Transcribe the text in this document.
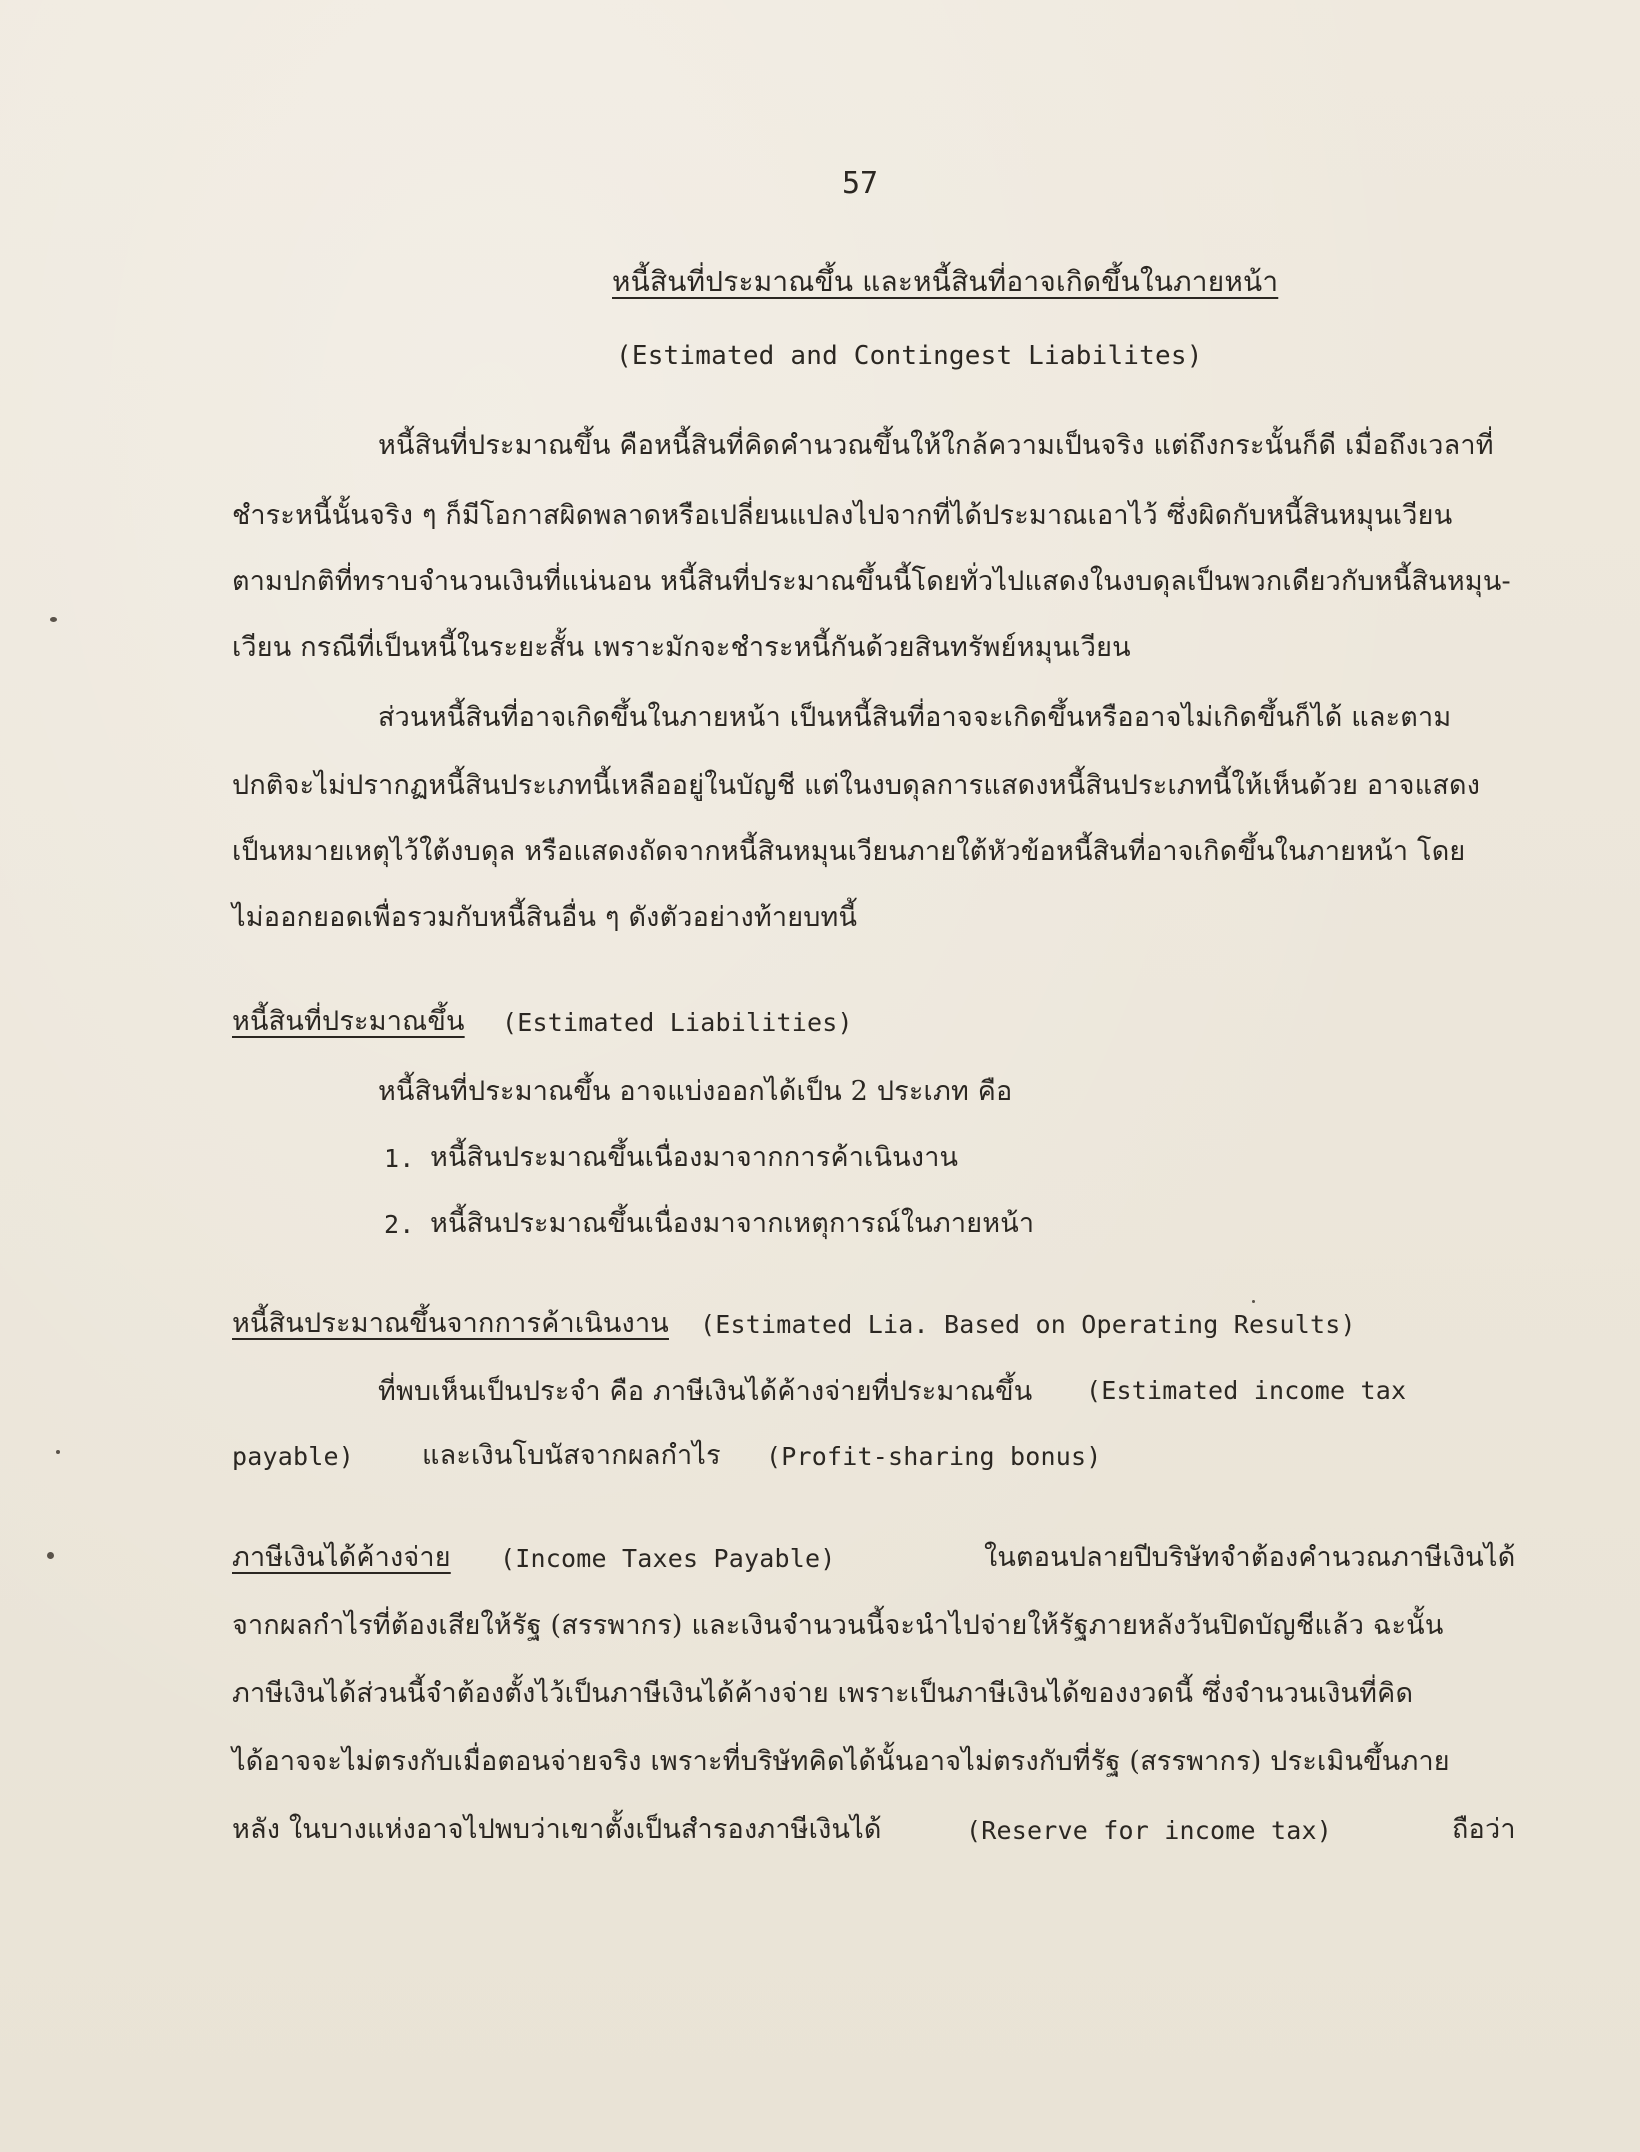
57
หนี้สินที่ประมาณขึ้น และหนี้สินที่อาจเกิดขึ้นในภายหน้า
(Estimated and Contingest Liabilites)
หนี้สินที่ประมาณขึ้น คือหนี้สินที่คิดคำนวณขึ้นให้ใกล้ความเป็นจริง แต่ถึงกระนั้นก็ดี เมื่อถึงเวลาที่
ชำระหนี้นั้นจริง ๆ ก็มีโอกาสผิดพลาดหรือเปลี่ยนแปลงไปจากที่ได้ประมาณเอาไว้ ซึ่งผิดกับหนี้สินหมุนเวียน
ตามปกติที่ทราบจำนวนเงินที่แน่นอน หนี้สินที่ประมาณขึ้นนี้โดยทั่วไปแสดงในงบดุลเป็นพวกเดียวกับหนี้สินหมุน-
เวียน กรณีที่เป็นหนี้ในระยะสั้น เพราะมักจะชำระหนี้กันด้วยสินทรัพย์หมุนเวียน
ส่วนหนี้สินที่อาจเกิดขึ้นในภายหน้า เป็นหนี้สินที่อาจจะเกิดขึ้นหรืออาจไม่เกิดขึ้นก็ได้ และตาม
ปกติจะไม่ปรากฏหนี้สินประเภทนี้เหลืออยู่ในบัญชี แต่ในงบดุลการแสดงหนี้สินประเภทนี้ให้เห็นด้วย อาจแสดง
เป็นหมายเหตุไว้ใต้งบดุล หรือแสดงถัดจากหนี้สินหมุนเวียนภายใต้หัวข้อหนี้สินที่อาจเกิดขึ้นในภายหน้า โดย
ไม่ออกยอดเพื่อรวมกับหนี้สินอื่น ๆ ดังตัวอย่างท้ายบทนี้
หนี้สินที่ประมาณขึ้น (Estimated Liabilities)
หนี้สินที่ประมาณขึ้น อาจแบ่งออกได้เป็น 2 ประเภท คือ
1. หนี้สินประมาณขึ้นเนื่องมาจากการค้าเนินงาน
2. หนี้สินประมาณขึ้นเนื่องมาจากเหตุการณ์ในภายหน้า
หนี้สินประมาณขึ้นจากการค้าเนินงาน (Estimated Lia. Based on Operating Results)
ที่พบเห็นเป็นประจำ คือ ภาษีเงินได้ค้างจ่ายที่ประมาณขึ้น (Estimated income tax
payable)	และเงินโบนัสจากผลกำไร (Profit-sharing bonus)
ภาษีเงินได้ค้างจ่าย (Income Taxes Payable)	ในตอนปลายปีบริษัทจำต้องคำนวณภาษีเงินได้
จากผลกำไรที่ต้องเสียให้รัฐ (สรรพากร) และเงินจำนวนนี้จะนำไปจ่ายให้รัฐภายหลังวันปิดบัญชีแล้ว ฉะนั้น
ภาษีเงินได้ส่วนนี้จำต้องตั้งไว้เป็นภาษีเงินได้ค้างจ่าย เพราะเป็นภาษีเงินได้ของงวดนี้ ซึ่งจำนวนเงินที่คิด
ได้อาจจะไม่ตรงกับเมื่อตอนจ่ายจริง เพราะที่บริษัทคิดได้นั้นอาจไม่ตรงกับที่รัฐ (สรรพากร) ประเมินขึ้นภาย
หลัง ในบางแห่งอาจไปพบว่าเขาตั้งเป็นสำรองภาษีเงินได้	(Reserve for income tax)	ถือว่า
